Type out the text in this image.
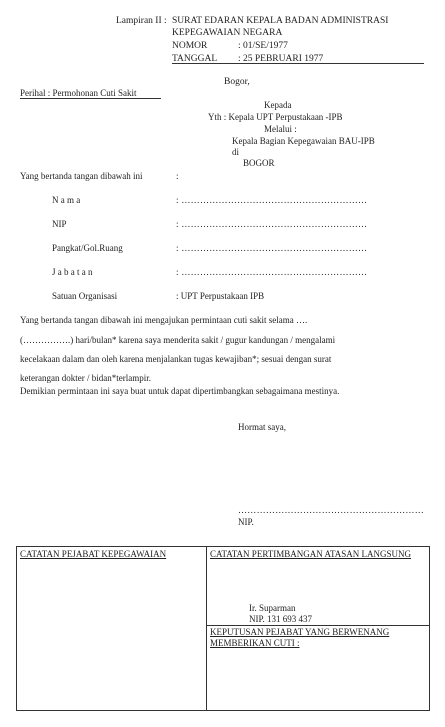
Lampiran II : SURAT EDARAN KEPALA BADAN ADMINISTRASI
KEPEGAWAIAN NEGARA
NOMOR	: 01/SE/1977
TANGGAL : 25 PEBRUARI 1977
Bogor,
Perihal : Permohonan Cuti Sakit
Kepada
Yth : Kepala UPT Perpustakaan -IPB
Melalui :
Kepala Bagian Kepegawaian BAU-IPB
di
BOGOR
Yang bertanda tangan dibawah ini	:
N a m a	: ……………………………………………………
NIP	: ……………………………………………………
Pangkat/Gol.Ruang	: ……………………………………………………
J a b a t a n	: ……………………………………………………
Satuan Organisasi	: UPT Perpustakaan IPB
Yang bertanda tangan dibawah ini mengajukan permintaan cuti sakit selama ….
(…………….) hari/bulan* karena saya menderita sakit / gugur kandungan / mengalami
kecelakaan dalam dan oleh karena menjalankan tugas kewajiban*; sesuai dengan surat
keterangan dokter / bidan*terlampir.
Demikian permintaan ini saya buat untuk dapat dipertimbangkan sebagaimana mestinya.
Hormat saya,
……………………………………………………
NIP.
CATATAN PEJABAT KEPEGAWAIAN	CATATAN PERTIMBANGAN ATASAN LANGSUNG
Ir. Suparman
NIP. 131 693 437
KEPUTUSAN PEJABAT YANG BERWENANG
MEMBERIKAN CUTI :
